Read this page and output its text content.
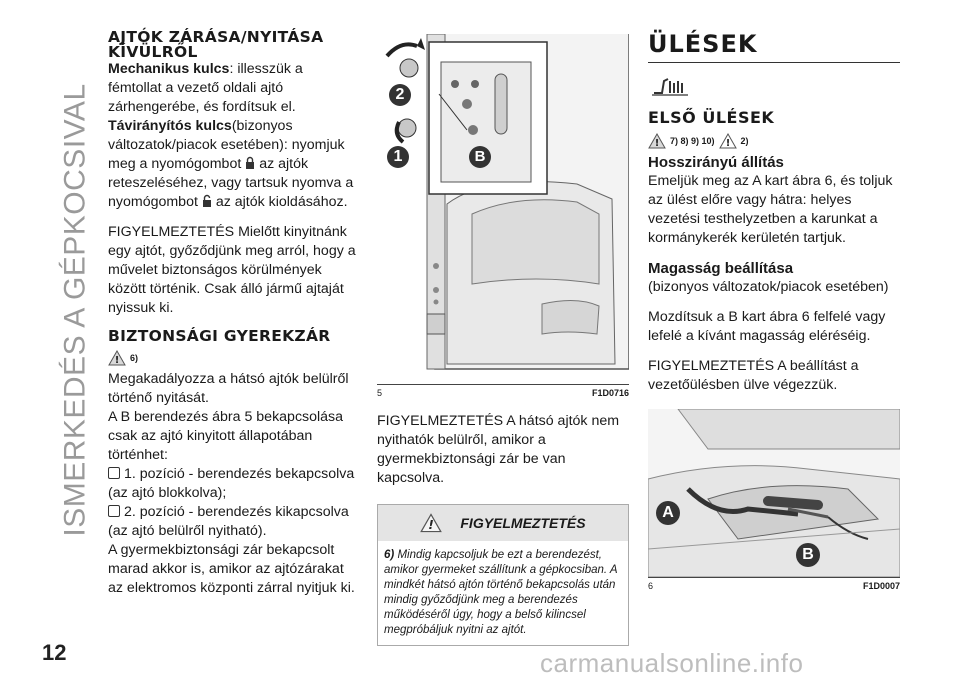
ISMERKEDÉS A GÉPKOCSIVAL
AJTÓK ZÁRÁSA/NYITÁSA
KÍVÜLRŐL

Mechanikus kulcs: illesszük a fémtollat a vezető oldali ajtó zárhengerébe, és fordítsuk el.

Távirányítós kulcs(bizonyos változatok/piacok esetében): nyomjuk meg a nyomógombot az ajtók reteszeléséhez, vagy tartsuk nyomva a nyomógombot az ajtók kioldásához.

FIGYELMEZTETÉS Mielőtt kinyitnánk egy ajtót, győződjünk meg arról, hogy a művelet biztonságos körülmények között történik. Csak álló jármű ajtaját nyissuk ki.

BIZTONSÁGI GYEREKZÁR
! 6)

Megakadályozza a hátsó ajtók belülről történő nyitását.

A B berendezés ábra 5 bekapcsolása csak az ajtó kinyitott állapotában történhet:

1. pozíció - berendezés bekapcsolva (az ajtó blokkolva);

2. pozíció - berendezés kikapcsolva (az ajtó belülről nyitható).

A gyermekbiztonsági zár bekapcsolt marad akkor is, amikor az ajtózárakat az elektromos központi zárral nyitjuk ki.

2
1	B
5	F1D0716

FIGYELMEZTETÉS A hátsó ajtók nem nyithatók belülről, amikor a gyermekbiztonsági zár be van kapcsolva.

! FIGYELMEZTETÉS
6) Mindig kapcsoljuk be ezt a berendezést, amikor gyermeket szállítunk a gépkocsiban. A mindkét hátsó ajtón történő bekapcsolás után mindig győződjünk meg a berendezés működéséről úgy, hogy a belső kilincsel megpróbáljuk nyitni az ajtót.
ÜLÉSEK
ELSŐ ÜLÉSEK
! 7) 8) 9) 10) ! 2)

Hosszirányú állítás

Emeljük meg az A kart ábra 6, és toljuk az ülést előre vagy hátra: helyes vezetési testhelyzetben a karunkat a kormánykerék kerületén tartjuk.

Magasság beállítása

(bizonyos változatok/piacok esetében)

Mozdítsuk a B kart ábra 6 felfelé vagy lefelé a kívánt magasság eléréséig.

FIGYELMEZTETÉS A beállítást a vezetőülésben ülve végezzük.

A
B
6	F1D0007
12	carmanualsonline.info
